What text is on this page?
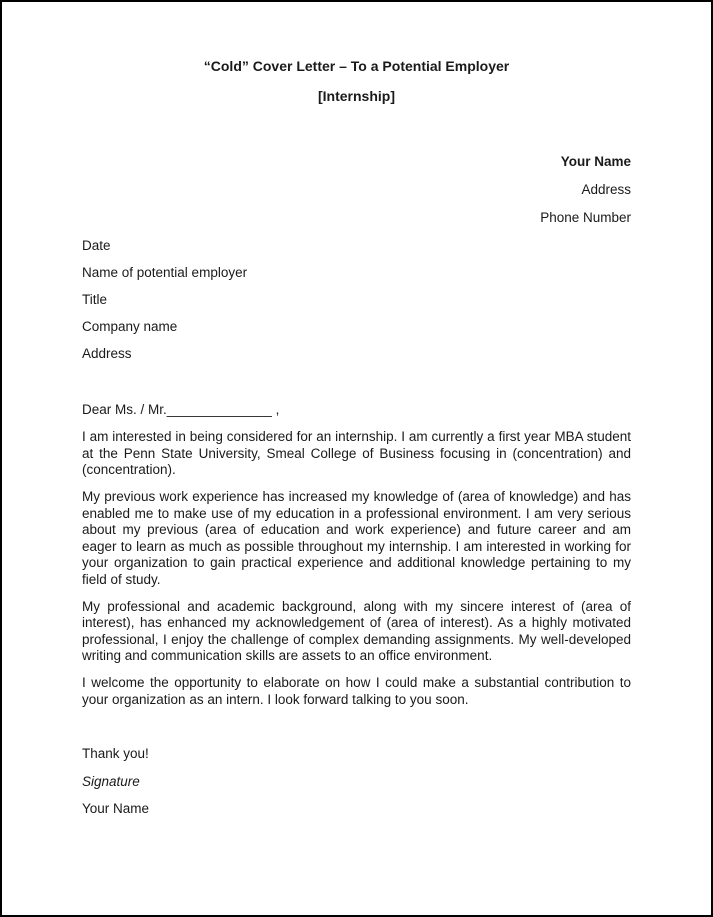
“Cold” Cover Letter – To a Potential Employer

[Internship]

Your Name

Address

Phone Number

Date

Name of potential employer

Title

Company name

Address

Dear Ms. / Mr.______________ ,

I am interested in being considered for an internship. I am currently a first year MBA student at the Penn State University, Smeal College of Business focusing in (concentration) and (concentration).

My previous work experience has increased my knowledge of (area of knowledge) and has enabled me to make use of my education in a professional environment. I am very serious about my previous (area of education and work experience) and future career and am eager to learn as much as possible throughout my internship. I am interested in working for your organization to gain practical experience and additional knowledge pertaining to my field of study.

My professional and academic background, along with my sincere interest of (area of interest), has enhanced my acknowledgement of (area of interest). As a highly motivated professional, I enjoy the challenge of complex demanding assignments. My well-developed writing and communication skills are assets to an office environment.

I welcome the opportunity to elaborate on how I could make a substantial contribution to your organization as an intern. I look forward talking to you soon.

Thank you!

Signature

Your Name
